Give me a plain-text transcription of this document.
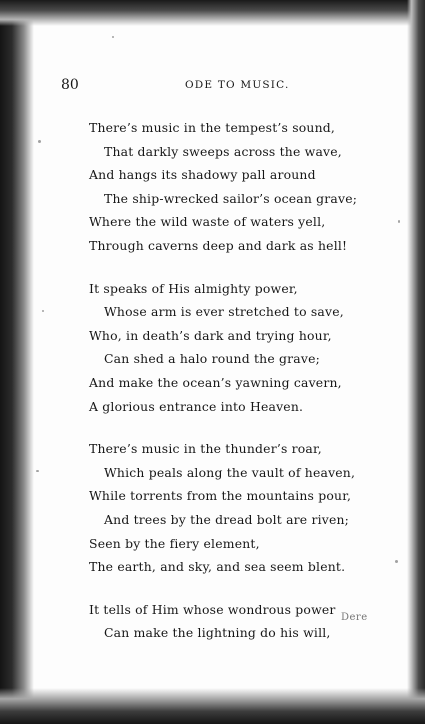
80	ODE TO MUSIC.
There’s music in the tempest’s sound,
That darkly sweeps across the wave,
And hangs its shadowy pall around
The ship-wrecked sailor’s ocean grave;
Where the wild waste of waters yell,
Through caverns deep and dark as hell!
It speaks of His almighty power,
Whose arm is ever stretched to save,
Who, in death’s dark and trying hour,
Can shed a halo round the grave;
And make the ocean’s yawning cavern,
A glorious entrance into Heaven.
There’s music in the thunder’s roar,
Which peals along the vault of heaven,
While torrents from the mountains pour,
And trees by the dread bolt are riven;
Seen by the fiery element,
The earth, and sky, and sea seem blent.
It tells of Him whose wondrous power
Can make the lightning do his will,
Dere
